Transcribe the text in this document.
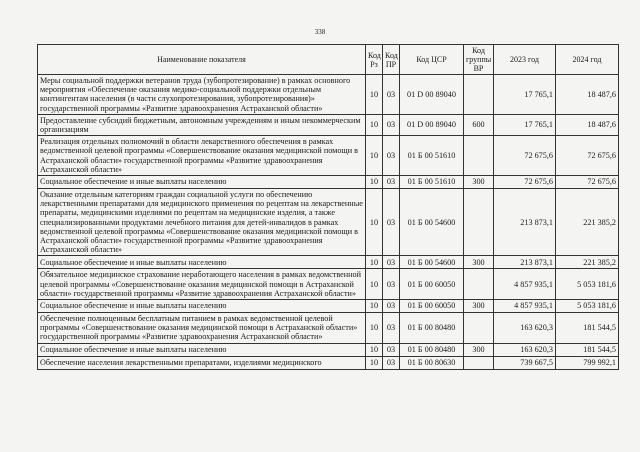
338
Наименование показателя	Код Рз	Код ПР	Код ЦСР	Код группы ВР	2023 год	2024 год
Меры социальной поддержки ветеранов труда (зубопротезирование) в рамках основного мероприятия «Обеспечение оказания медико-социальной поддержки отдельным контингентам населения (в части слухопротезирования, зубопротезирования)» государственной программы «Развитие здравоохранения Астраханской области»	10	03	01 D 00 89040		17 765,1	18 487,6
Предоставление субсидий бюджетным, автономным учреждениям и иным некоммерческим организациям	10	03	01 D 00 89040	600	17 765,1	18 487,6
Реализация отдельных полномочий в области лекарственного обеспечения в рамках ведомственной целевой программы «Совершенствование оказания медицинской помощи в Астраханской области» государственной программы «Развитие здравоохранения Астраханской области»	10	03	01 Б 00 51610		72 675,6	72 675,6
Социальное обеспечение и иные выплаты населению	10	03	01 Б 00 51610	300	72 675,6	72 675,6
Оказание отдельным категориям граждан социальной услуги по обеспечению лекарственными препаратами для медицинского применения по рецептам на лекарственные препараты, медицинскими изделиями по рецептам на медицинские изделия, а также специализированными продуктами лечебного питания для детей-инвалидов в рамках ведомственной целевой программы «Совершенствование оказания медицинской помощи в Астраханской области» государственной программы «Развитие здравоохранения Астраханской области»	10	03	01 Б 00 54600		213 873,1	221 385,2
Социальное обеспечение и иные выплаты населению	10	03	01 Б 00 54600	300	213 873,1	221 385,2
Обязательное медицинское страхование неработающего населения в рамках ведомственной целевой программы «Совершенствование оказания медицинской помощи в Астраханской области» государственной программы «Развитие здравоохранения Астраханской области»	10	03	01 Б 00 60050		4 857 935,1	5 053 181,6
Социальное обеспечение и иные выплаты населению	10	03	01 Б 00 60050	300	4 857 935,1	5 053 181,6
Обеспечение полноценным бесплатным питанием в рамках ведомственной целевой программы «Совершенствование оказания медицинской помощи в Астраханской области» государственной программы «Развитие здравоохранения Астраханской области»	10	03	01 Б 00 80480		163 620,3	181 544,5
Социальное обеспечение и иные выплаты населению	10	03	01 Б 00 80480	300	163 620,3	181 544,5
Обеспечение населения лекарственными препаратами, изделиями медицинского	10	03	01 Б 00 80630		739 667,5	799 992,1
